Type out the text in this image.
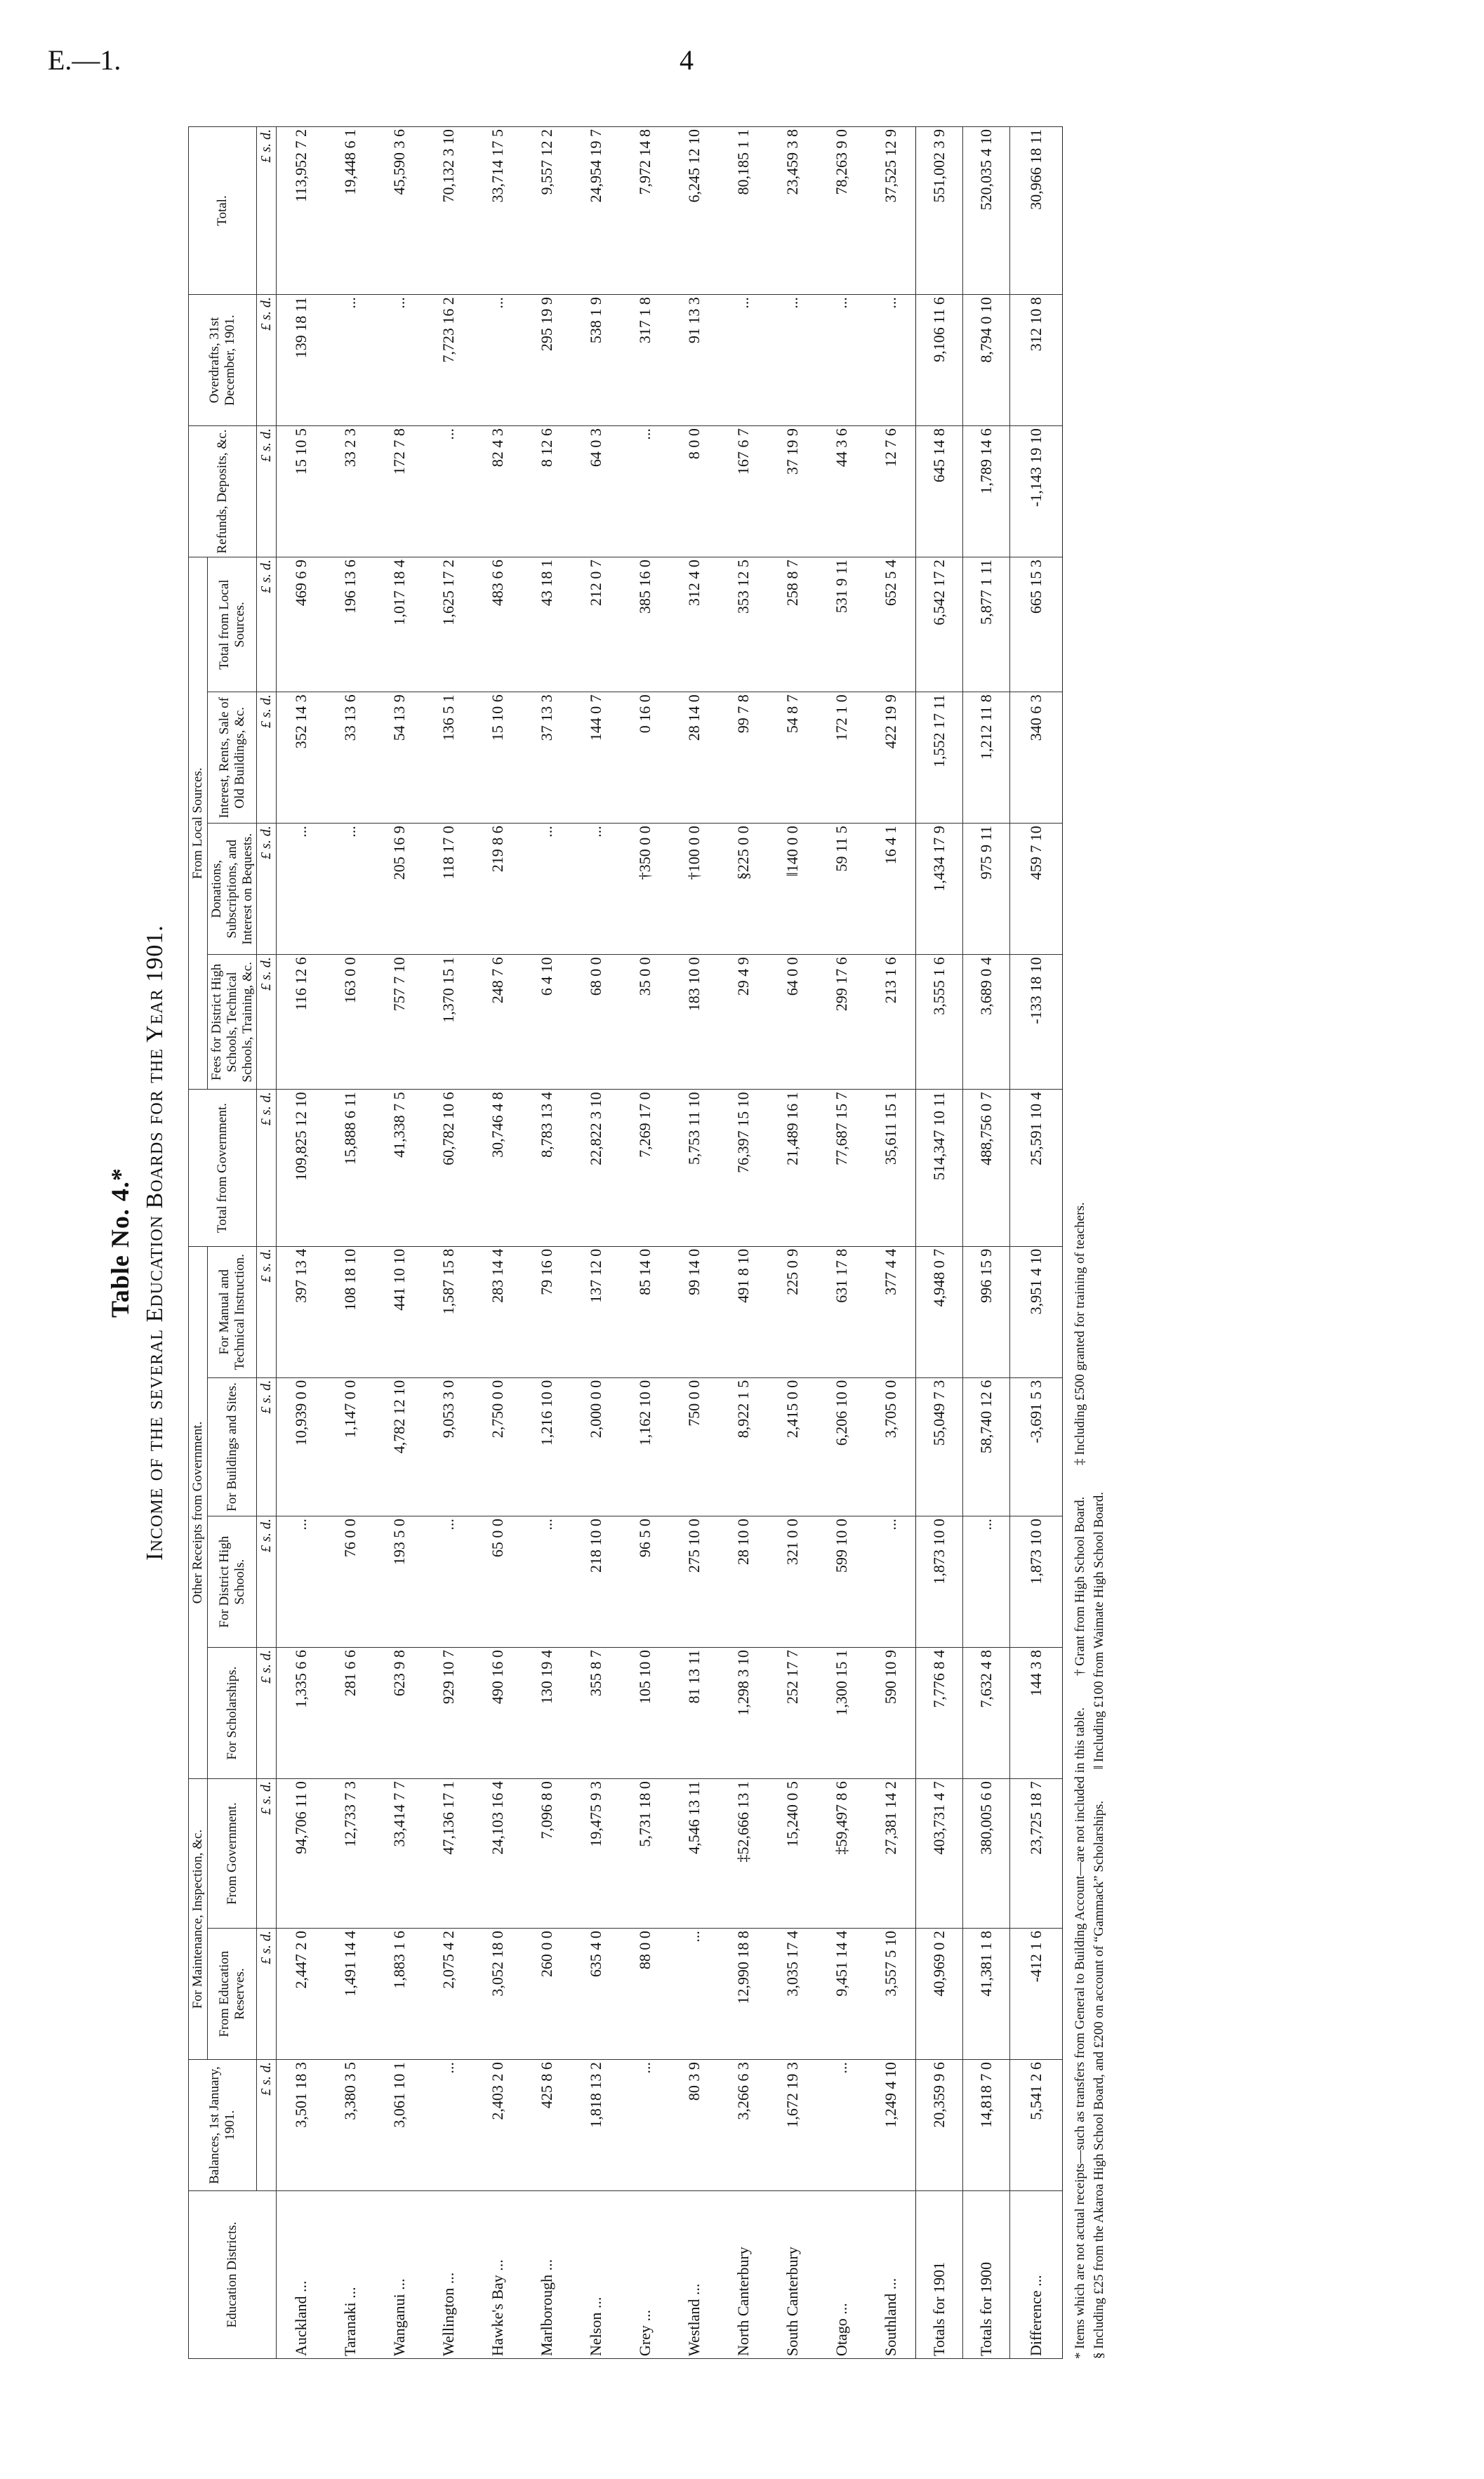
E.—1.	4
Table No. 4.* Income of the several Education Boards for the Year 1901.
Education Districts.	Balances, 1st January, 1901.	For Maintenance, Inspection, &c.		Other Receipts from Government.				Total from Government.	From Local Sources.				Refunds, Deposits, &c.	Overdrafts, 31st December, 1901.	Total.
		From Education Reserves.	From Government.	For Scholarships.	For District High Schools.	For Buildings and Sites.	For Manual and Technical Instruction.		Fees for District High Schools, Technical Schools, Training, &c.	Donations, Subscriptions, and Interest on Bequests.	Interest, Rents, Sale of Old Buildings, &c.	Total from Local Sources.			
	£ s. d.	£ s. d.	£ s. d.	£ s. d.	£ s. d.	£ s. d.	£ s. d.	£ s. d.	£ s. d.	£ s. d.	£ s. d.	£ s. d.	£ s. d.	£ s. d.	£ s. d.
Auckland ...	3,501 18 3	2,447 2 0	94,706 11 0	1,335 6 6	...	10,939 0 0	397 13 4	109,825 12 10	116 12 6	...	352 14 3	469 6 9	15 10 5	139 18 11	113,952 7 2
Taranaki ...	3,380 3 5	1,491 14 4	12,733 7 3	281 6 6	76 0 0	1,147 0 0	108 18 10	15,888 6 11	163 0 0	...	33 13 6	196 13 6	33 2 3	...	19,448 6 1
Wanganui ...	3,061 10 1	1,883 1 6	33,414 7 7	623 9 8	193 5 0	4,782 12 10	441 10 10	41,338 7 5	757 7 10	205 16 9	54 13 9	1,017 18 4	172 7 8	...	45,590 3 6
Wellington ...	...	2,075 4 2	47,136 17 1	929 10 7	...	9,053 3 0	1,587 15 8	60,782 10 6	1,370 15 1	118 17 0	136 5 1	1,625 17 2	...	7,723 16 2	70,132 3 10
Hawke's Bay ...	2,403 2 0	3,052 18 0	24,103 16 4	490 16 0	65 0 0	2,750 0 0	283 14 4	30,746 4 8	248 7 6	219 8 6	15 10 6	483 6 6	82 4 3	...	33,714 17 5
Marlborough ...	425 8 6	260 0 0	7,096 8 0	130 19 4	...	1,216 10 0	79 16 0	8,783 13 4	6 4 10	...	37 13 3	43 18 1	8 12 6	295 19 9	9,557 12 2
Nelson ...	1,818 13 2	635 4 0	19,475 9 3	355 8 7	218 10 0	2,000 0 0	137 12 0	22,822 3 10	68 0 0	...	144 0 7	212 0 7	64 0 3	538 1 9	24,954 19 7
Grey ...	...	88 0 0	5,731 18 0	105 10 0	96 5 0	1,162 10 0	85 14 0	7,269 17 0	35 0 0	†350 0 0	0 16 0	385 16 0	...	317 1 8	7,972 14 8
Westland ...	80 3 9	...	4,546 13 11	81 13 11	275 10 0	750 0 0	99 14 0	5,753 11 10	183 10 0	†100 0 0	28 14 0	312 4 0	8 0 0	91 13 3	6,245 12 10
North Canterbury	3,266 6 3	12,990 18 8	‡52,666 13 1	1,298 3 10	28 10 0	8,922 1 5	491 8 10	76,397 15 10	29 4 9	§225 0 0	99 7 8	353 12 5	167 6 7	...	80,185 1 1
South Canterbury	1,672 19 3	3,035 17 4	15,240 0 5	252 17 7	321 0 0	2,415 0 0	225 0 9	21,489 16 1	64 0 0	‖140 0 0	54 8 7	258 8 7	37 19 9	...	23,459 3 8
Otago ...	...	9,451 14 4	‡59,497 8 6	1,300 15 1	599 10 0	6,206 10 0	631 17 8	77,687 15 7	299 17 6	59 11 5	172 1 0	531 9 11	44 3 6	...	78,263 9 0
Southland ...	1,249 4 10	3,557 5 10	27,381 14 2	590 10 9	...	3,705 0 0	377 4 4	35,611 15 1	213 1 6	16 4 1	422 19 9	652 5 4	12 7 6	...	37,525 12 9
Totals for 1901	20,359 9 6	40,969 0 2	403,731 4 7	7,776 8 4	1,873 10 0	55,049 7 3	4,948 0 7	514,347 10 11	3,555 1 6	1,434 17 9	1,552 17 11	6,542 17 2	645 14 8	9,106 11 6	551,002 3 9
Totals for 1900	14,818 7 0	41,381 1 8	380,005 6 0	7,632 4 8	...	58,740 12 6	996 15 9	488,756 0 7	3,689 0 4	975 9 11	1,212 11 8	5,877 1 11	1,789 14 6	8,794 0 10	520,035 4 10
Difference ...	5,541 2 6	-412 1 6	23,725 18 7	144 3 8	1,873 10 0	-3,691 5 3	3,951 4 10	25,591 10 4	-133 18 10	459 7 10	340 6 3	665 15 3	-1,143 19 10	312 10 8	30,966 18 11
* Items which are not actual receipts—such as transfers from General to Building Account—are not included in this table. † Grant from High School Board. ‡ Including £500 granted for training of teachers.
§ Including £25 from the Akaroa High School Board, and £200 on account of “Gammack” Scholarships. ‖ Including £100 from Waimate High School Board.
